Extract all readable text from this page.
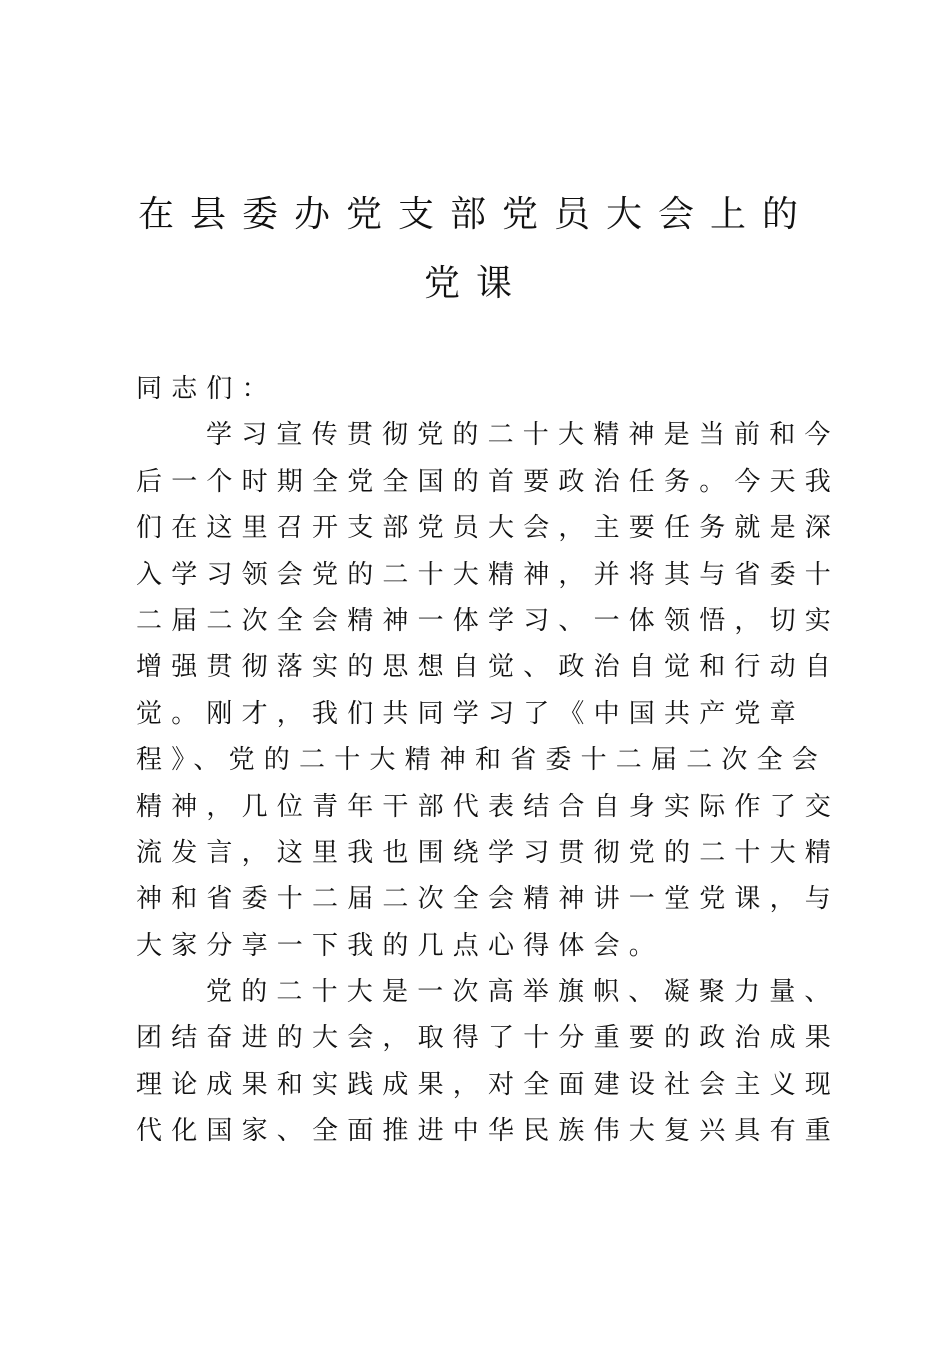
在县委办党支部党员大会上的
党课
同志们：
学习宣传贯彻党的二十大精神是当前和今
后一个时期全党全国的首要政治任务。今天我
们在这里召开支部党员大会，主要任务就是深
入学习领会党的二十大精神，并将其与省委十
二届二次全会精神一体学习、一体领悟，切实
增强贯彻落实的思想自觉、政治自觉和行动自
觉。刚才，我们共同学习了《中国共产党章
程》、党的二十大精神和省委十二届二次全会
精神，几位青年干部代表结合自身实际作了交
流发言，这里我也围绕学习贯彻党的二十大精
神和省委十二届二次全会精神讲一堂党课，与
大家分享一下我的几点心得体会。
党的二十大是一次高举旗帜、凝聚力量、
团结奋进的大会，取得了十分重要的政治成果
理论成果和实践成果，对全面建设社会主义现
代化国家、全面推进中华民族伟大复兴具有重
